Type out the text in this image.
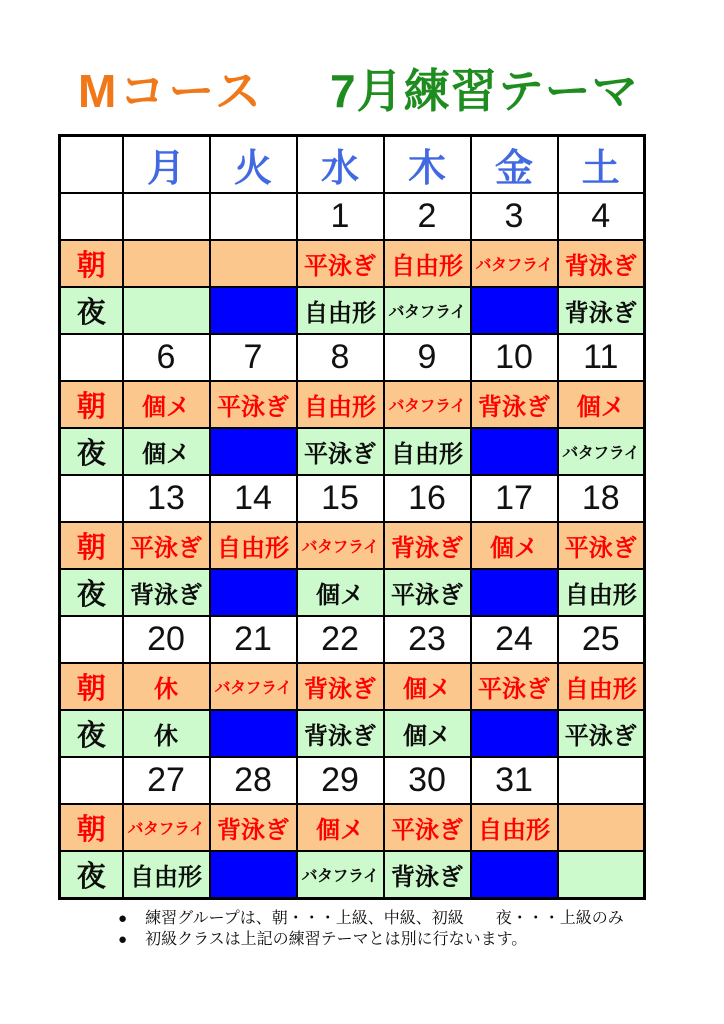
Mコース 7月練習テーマ
	月	火	水	木	金	土
			1	2	3	4
朝			平泳ぎ	自由形	バタフライ	背泳ぎ
夜			自由形	バタフライ		背泳ぎ
	6	7	8	9	10	11
朝	個メ	平泳ぎ	自由形	バタフライ	背泳ぎ	個メ
夜	個メ		平泳ぎ	自由形		バタフライ
	13	14	15	16	17	18
朝	平泳ぎ	自由形	バタフライ	背泳ぎ	個メ	平泳ぎ
夜	背泳ぎ		個メ	平泳ぎ		自由形
	20	21	22	23	24	25
朝	休	バタフライ	背泳ぎ	個メ	平泳ぎ	自由形
夜	休		背泳ぎ	個メ		平泳ぎ
	27	28	29	30	31	
朝	バタフライ	背泳ぎ	個メ	平泳ぎ	自由形	
夜	自由形		バタフライ	背泳ぎ		
● 練習グループは、朝・・・上級、中級、初級　　夜・・・上級のみ
● 初級クラスは上記の練習テーマとは別に行ないます。
